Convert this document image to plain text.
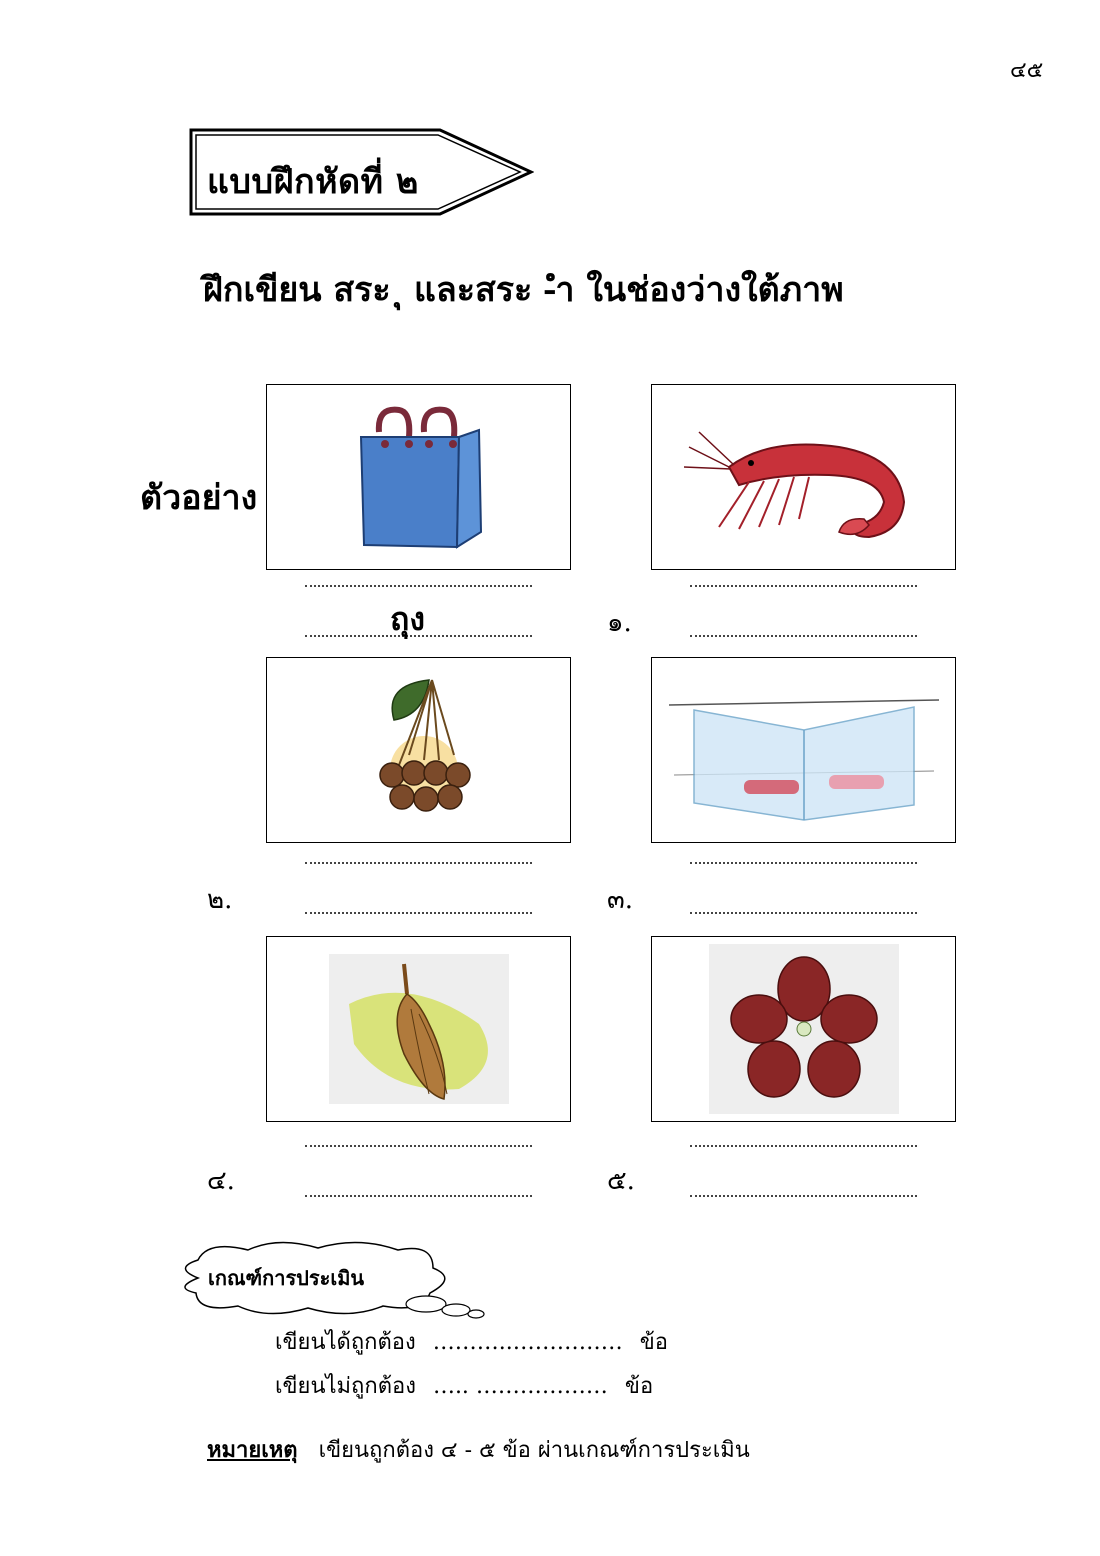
๔๕
แบบฝึกหัดที่ ๒
ฝึกเขียน สระ ุ และสระ -ำ ในช่องว่างใต้ภาพ
ตัวอย่าง
ถุง	๑.
๒.	๓.
๔.	๕.
เกณฑ์การประเมิน
เขียนได้ถูกต้อง ………..…………… ข้อ
เขียนไม่ถูกต้อง ….. ……………… ข้อ
หมายเหตุ เขียนถูกต้อง ๔ - ๕ ข้อ ผ่านเกณฑ์การประเมิน
